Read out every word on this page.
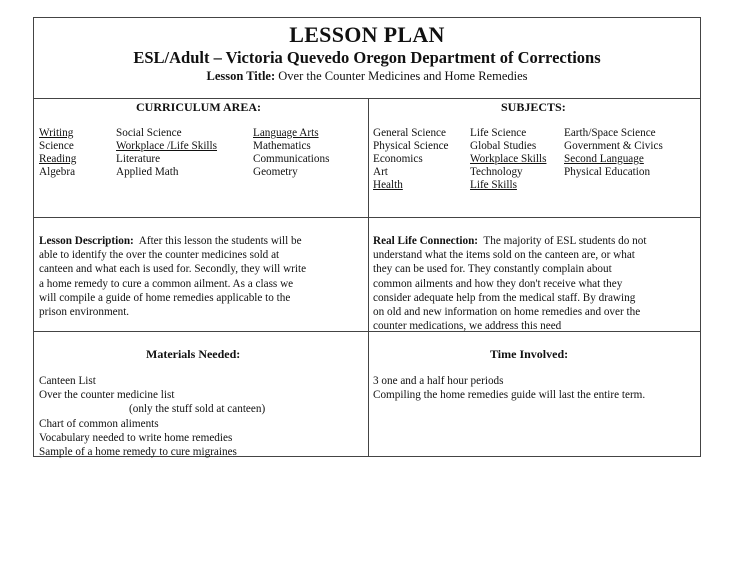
LESSON PLAN
ESL/Adult – Victoria Quevedo Oregon Department of Corrections
Lesson Title: Over the Counter Medicines and Home Remedies
CURRICULUM AREA:
Writing
Science
Reading
Algebra
Social Science
Workplace /Life Skills
Literature
Applied Math
Language Arts
Mathematics
Communications
Geometry
SUBJECTS:
General Science
Physical Science
Economics
Art
Health
Life Science
Global Studies
Workplace Skills
Technology
Life Skills
Earth/Space Science
Government & Civics
Second Language
Physical Education
Lesson Description:  After this lesson the students will be
able to identify the over the counter medicines sold at
canteen and what each is used for. Secondly, they will write
a home remedy to cure a common ailment. As a class we
will compile a guide of home remedies applicable to the
prison environment.
Real Life Connection:  The majority of ESL students do not
understand what the items sold on the canteen are, or what
they can be used for. They constantly complain about
common ailments and how they don't receive what they
consider adequate help from the medical staff. By drawing
on old and new information on home remedies and over the
counter medications, we address this need
Materials Needed:
Canteen List
Over the counter medicine list
(only the stuff sold at canteen)
Chart of common aliments
Vocabulary needed to write home remedies
Sample of a home remedy to cure migraines
Time Involved:
3 one and a half hour periods
Compiling the home remedies guide will last the entire term.
